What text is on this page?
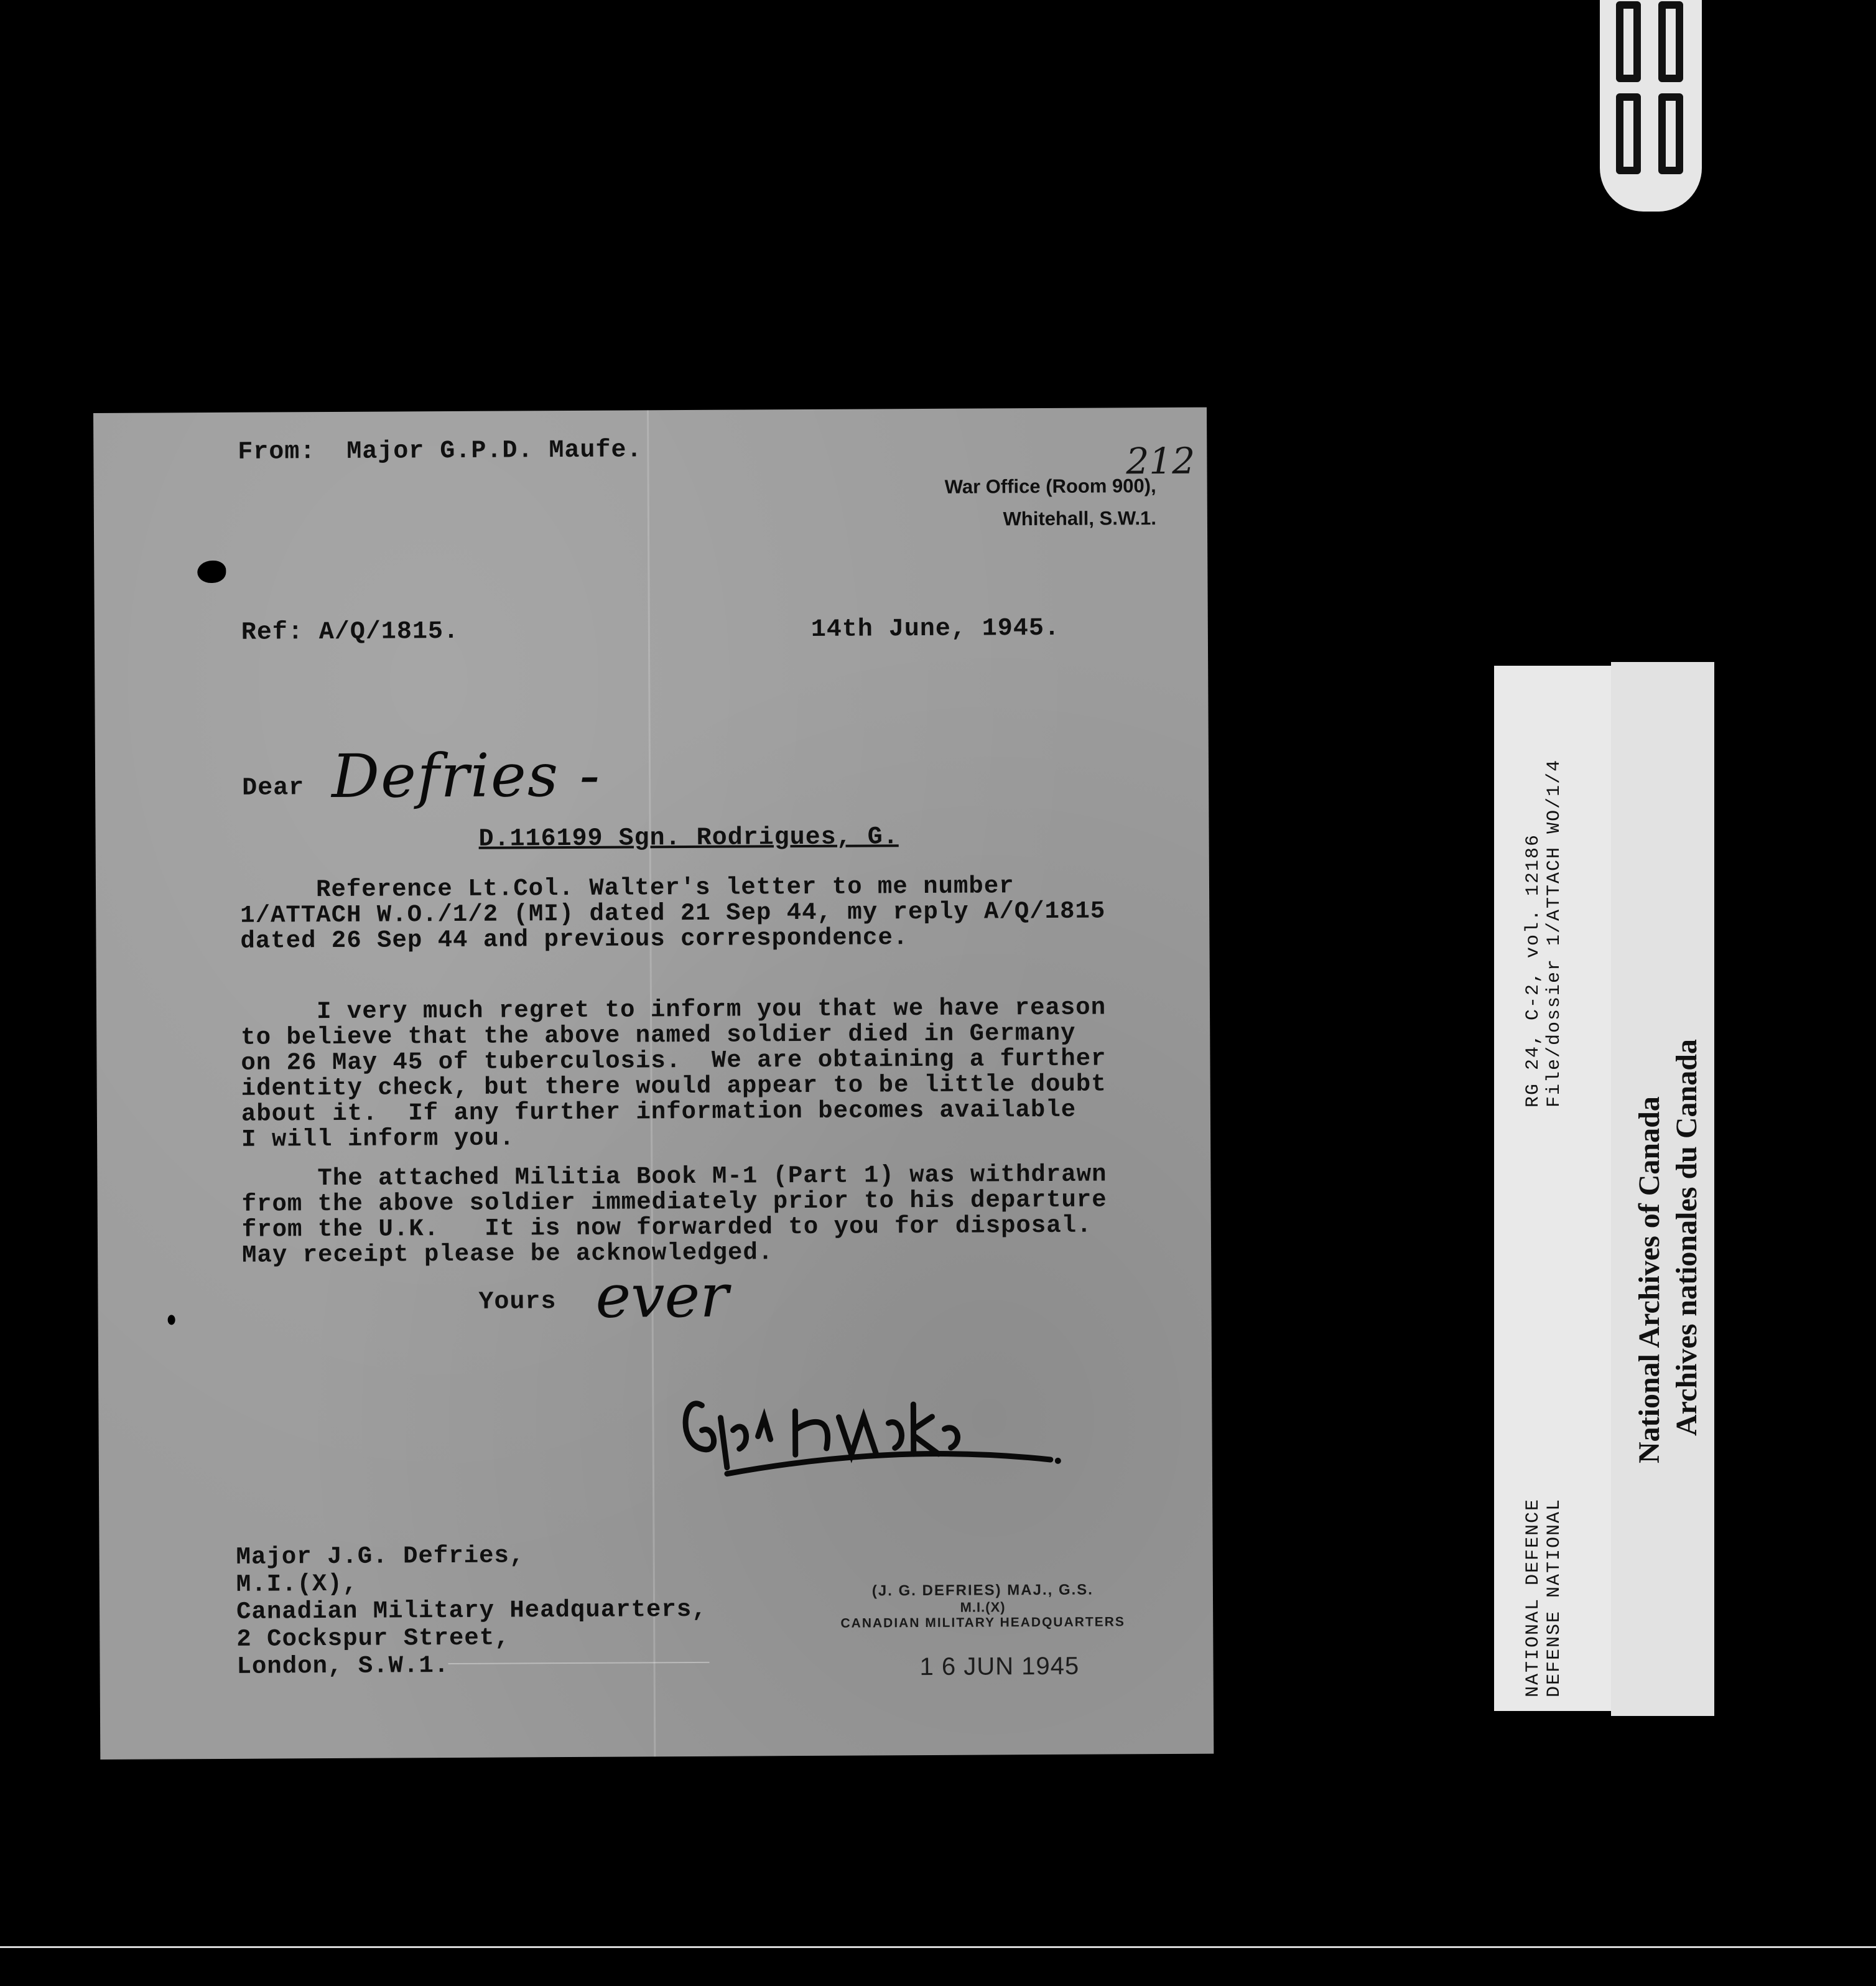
From:  Major G.P.D. Maufe.
War Office (Room 900),
Whitehall, S.W.1.
212
Ref: A/Q/1815.	14th June, 1945.
Dear Defries -
D.116199 Sgn. Rodrigues, G.

Reference Lt.Col. Walter's letter to me number

1/ATTACH W.O./1/2 (MI) dated 21 Sep 44, my reply A/Q/1815

dated 26 Sep 44 and previous correspondence.

I very much regret to inform you that we have reason

to believe that the above named soldier died in Germany

on 26 May 45 of tuberculosis.  We are obtaining a further

identity check, but there would appear to be little doubt

about it.  If any further information becomes available

I will inform you.

The attached Militia Book M-1 (Part 1) was withdrawn

from the above soldier immediately prior to his departure

from the U.K.   It is now forwarded to you for disposal.

May receipt please be acknowledged.

Yours ever
Major J.G. Defries,
M.I.(X),
Canadian Military Headquarters,
2 Cockspur Street,
London, S.W.1.
(J. G. DEFRIES) MAJ., G.S.
M.I.(X)
CANADIAN MILITARY HEADQUARTERS
1 6 JUN 1945
RG 24, C-2, vol. 12186 File/dossier 1/ATTACH WO/1/4
NATIONAL DEFENCE DEFENSE NATIONAL
National Archives of Canada Archives nationales du Canada
